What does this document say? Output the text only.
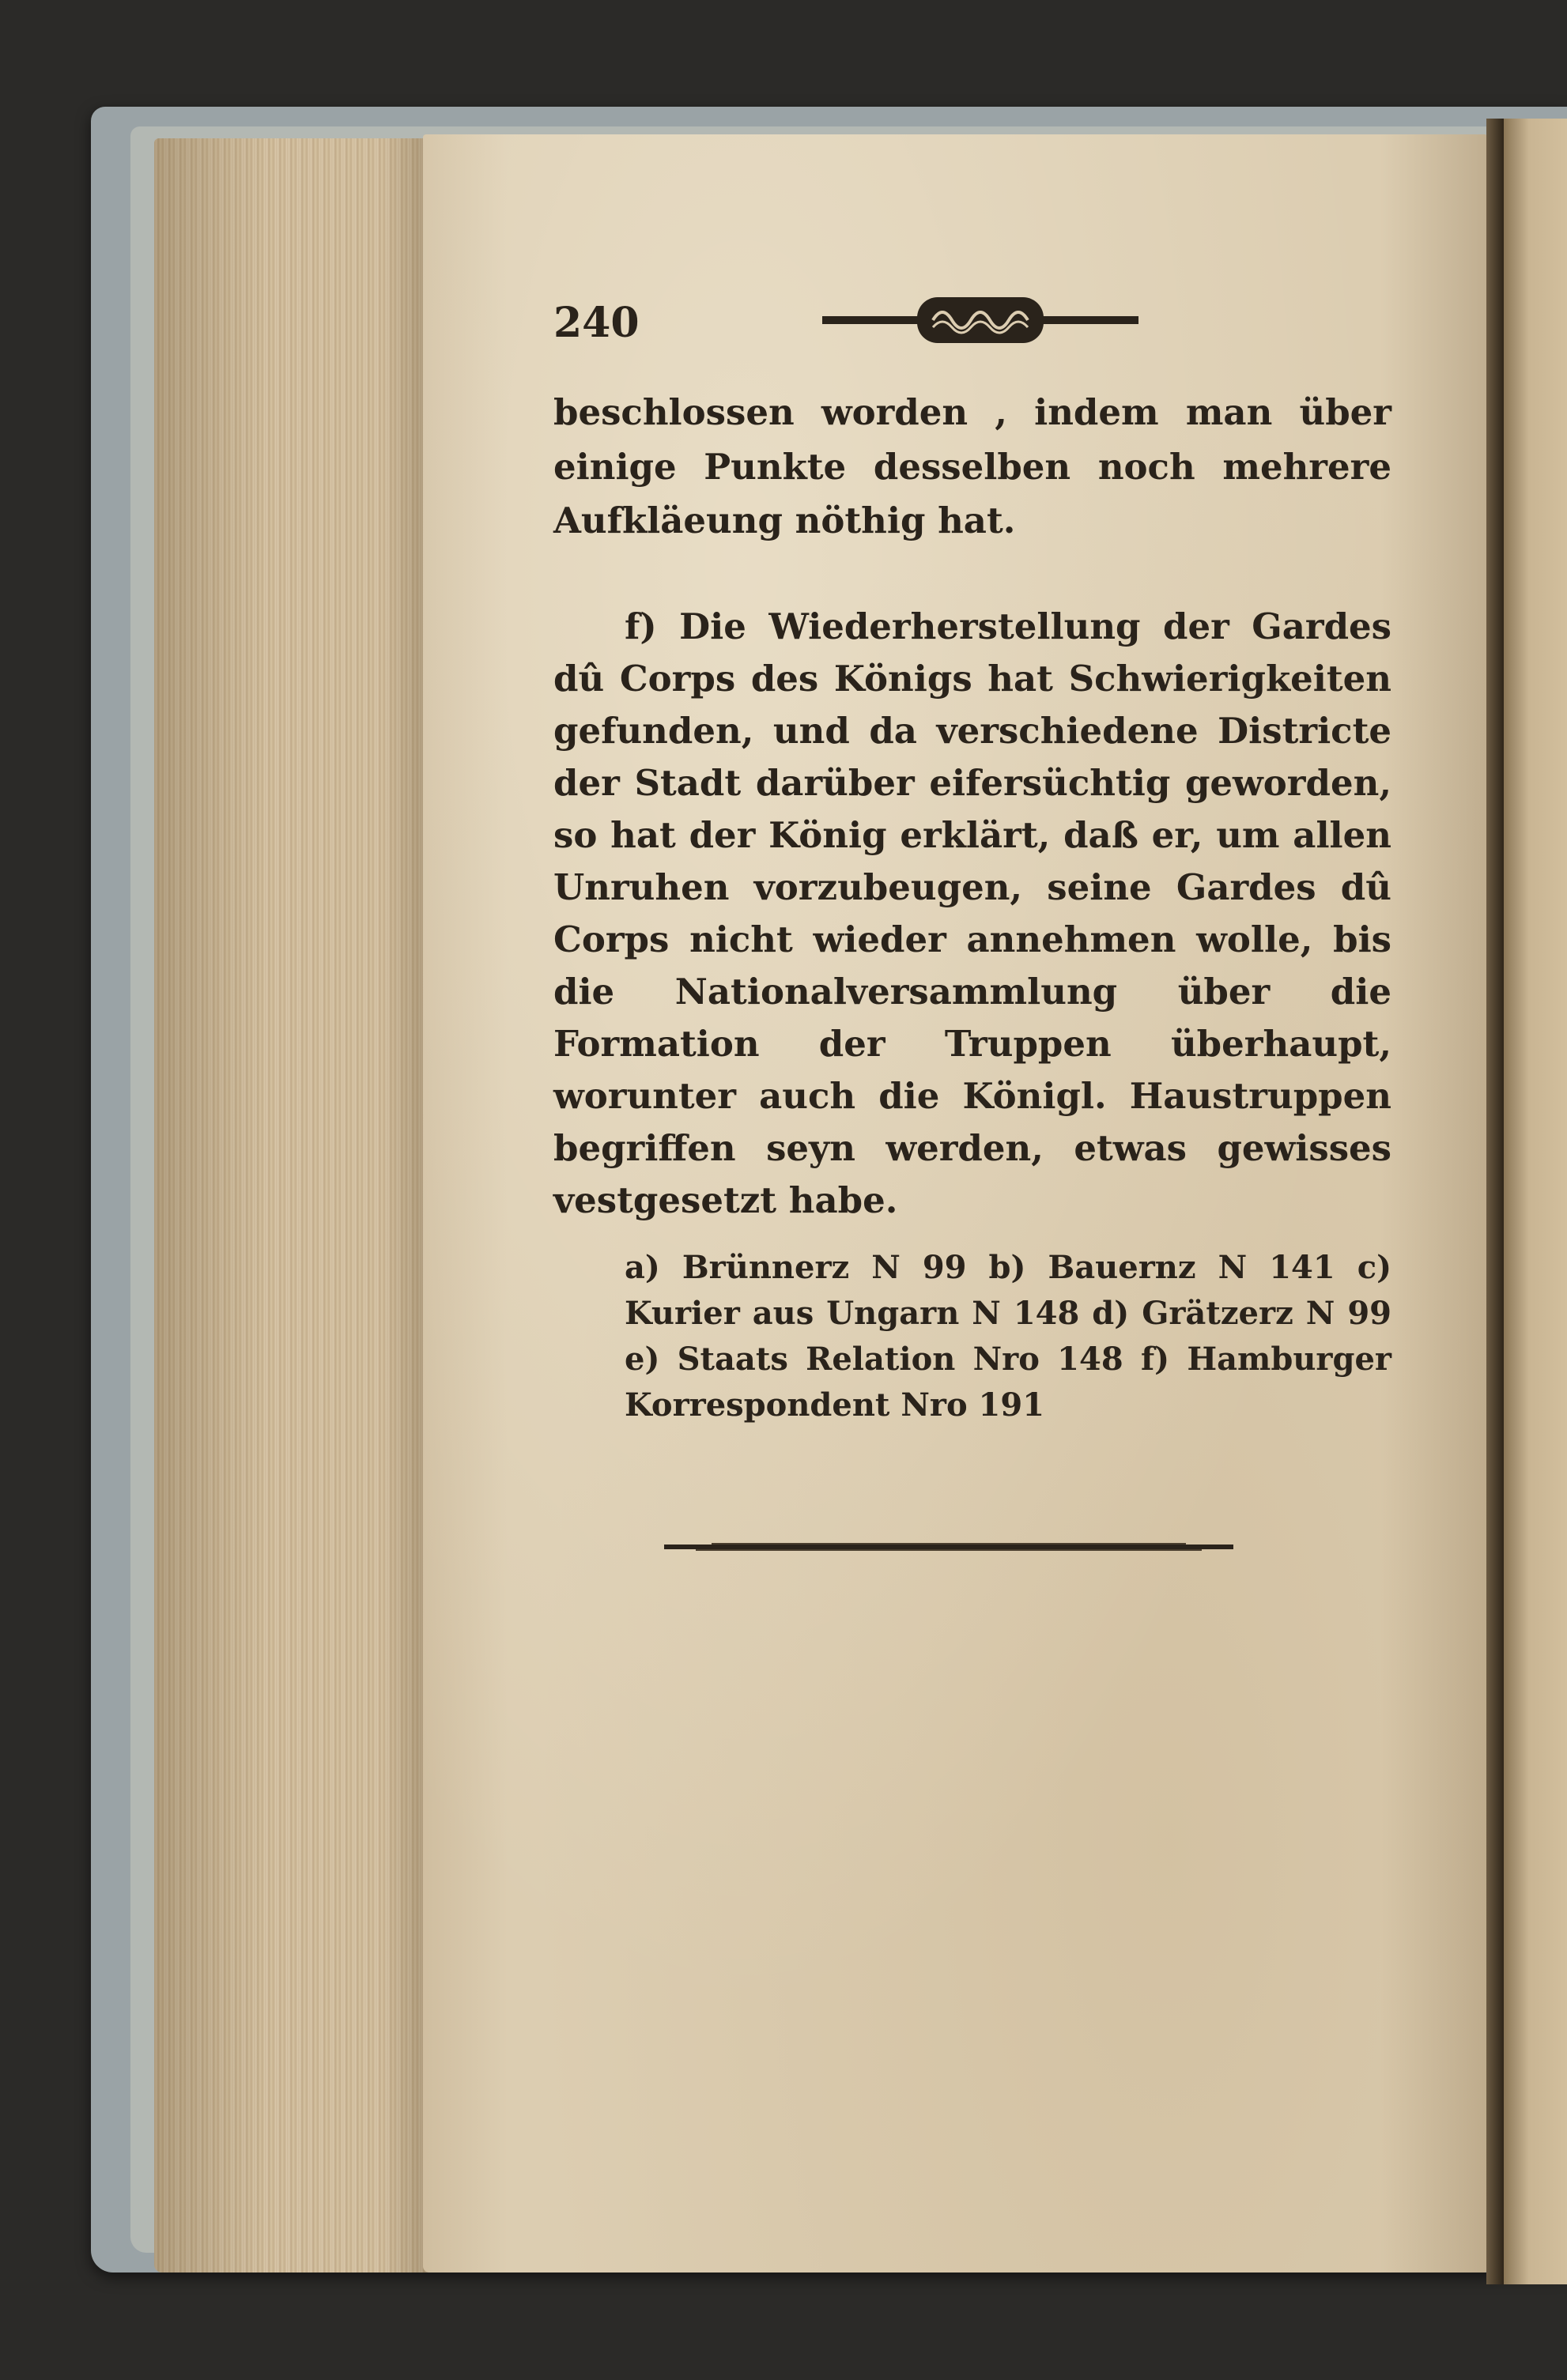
240

beschlossen worden , indem man über einige Punkte desselben noch mehrere Aufkläeung nöthig hat.

f) Die Wiederherstellung der Gardes dû Corps des Königs hat Schwierigkeiten gefunden, und da verschiedene Districte der Stadt darüber eifersüchtig geworden, so hat der König erklärt, daß er, um allen Unruhen vorzubeugen, seine Gardes dû Corps nicht wieder annehmen wolle, bis die Nationalversammlung über die Formation der Truppen überhaupt, worunter auch die Königl. Haustruppen begriffen seyn werden, etwas gewisses vestgesetzt habe.

a) Brünnerz N 99 b) Bauernz N 141 c) Kurier aus Ungarn N 148 d) Grätzerz N 99 e) Staats Relation Nro 148 f) Hamburger Korrespondent Nro 191
